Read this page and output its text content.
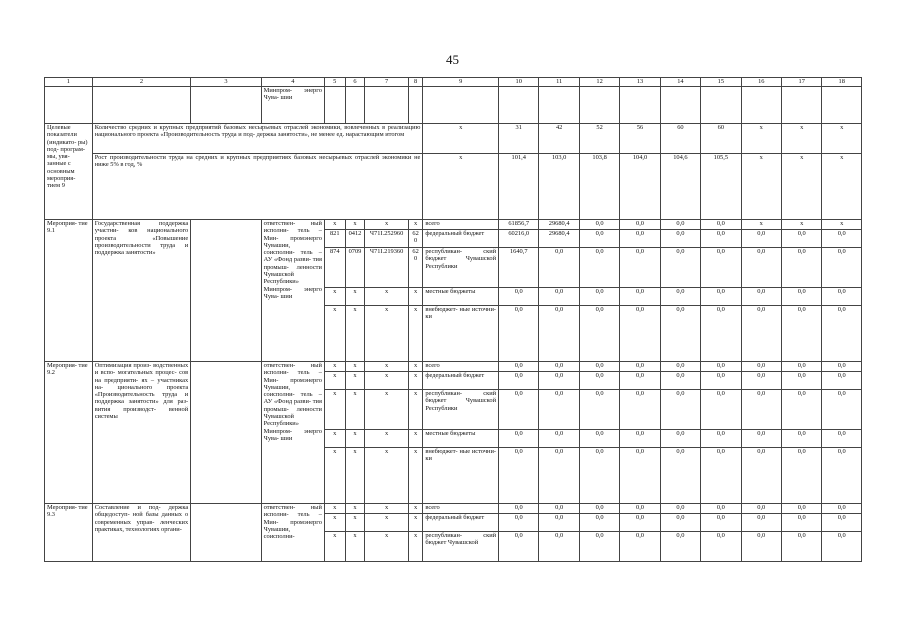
45
1	2	3	4	5	6	7	8	9	10	11	12	13	14	15	16	17	18
			Минпром- энерго Чува- шии														
Целевые показатели (индикато- ры) под- програм- мы, увя- занные с основным мероприя- тием 9	Количество средних и крупных предприятий базовых несырьевых отраслей экономики, вовлеченных в реализацию национального проекта «Производительность труда и под- держка занятости», не менее ед. нарастающим итогом							x	31	42	52	56	60	60	x	x	x
	Рост производительности труда на средних и крупных предприятиях базовых несырьевых отраслей экономики не ниже 5% в год, %							x	101,4	103,0	103,8	104,0	104,6	105,5	x	x	x
Мероприя- тие 9.1	Государственная поддержка участни- ков национального проекта «Повышение производительности труда и поддержка занятости»		ответствен- ный исполни- тель – Мин- промэнерго Чувашии, соисполни- тель – АУ «Фонд разви- тия промыш- ленности Чувашской Республики» Минпром- энерго Чува- шии	x	x	x	x	всего	61856,7	29680,4	0,0	0,0	0,0	0,0	x	x	x
				821	0412	Ч71I.252960	620	федеральный бюджет	60216,0	29680,4	0,0	0,0	0,0	0,0	0,0	0,0	0,0
				874	0709	Ч71I.219360	620	республикан- ский бюджет Чувашской Республики	1640,7	0,0	0,0	0,0	0,0	0,0	0,0	0,0	0,0
				x	x	x	x	местные бюджеты	0,0	0,0	0,0	0,0	0,0	0,0	0,0	0,0	0,0
				x	x	x	x	внебюджет- ные источни- ки	0,0	0,0	0,0	0,0	0,0	0,0	0,0	0,0	0,0
Мероприя- тие 9.2	Оптимизация произ- водственных и вспо- могательных процес- сов на предприяти- ях – участниках на- ционального проекта «Производительность труда и поддержка занятости» для раз- вития производст- венной системы		ответствен- ный исполни- тель – Мин- промэнерго Чувашии, соисполни- тель – АУ «Фонд разви- тия промыш- ленности Чувашской Республики» Минпром- энерго Чува- шии	x	x	x	x	всего	0,0	0,0	0,0	0,0	0,0	0,0	0,0	0,0	0,0
				x	x	x	x	федеральный бюджет	0,0	0,0	0,0	0,0	0,0	0,0	0,0	0,0	0,0
				x	x	x	x	республикан- ский бюджет Чувашской Республики	0,0	0,0	0,0	0,0	0,0	0,0	0,0	0,0	0,0
				x	x	x	x	местные бюджеты	0,0	0,0	0,0	0,0	0,0	0,0	0,0	0,0	0,0
				x	x	x	x	внебюджет- ные источни- ки	0,0	0,0	0,0	0,0	0,0	0,0	0,0	0,0	0,0
Мероприя- тие 9.3	Составление и под- держка общедоступ- ной базы данных о современных управ- ленческих практиках, технологиях органи-		ответствен- ный исполни- тель – Мин- промэнерго Чувашии, соисполни-	x	x	x	x	всего	0,0	0,0	0,0	0,0	0,0	0,0	0,0	0,0	0,0
				x	x	x	x	федеральный бюджет	0,0	0,0	0,0	0,0	0,0	0,0	0,0	0,0	0,0
				x	x	x	x	республикан- ский бюджет Чувашской	0,0	0,0	0,0	0,0	0,0	0,0	0,0	0,0	0,0
